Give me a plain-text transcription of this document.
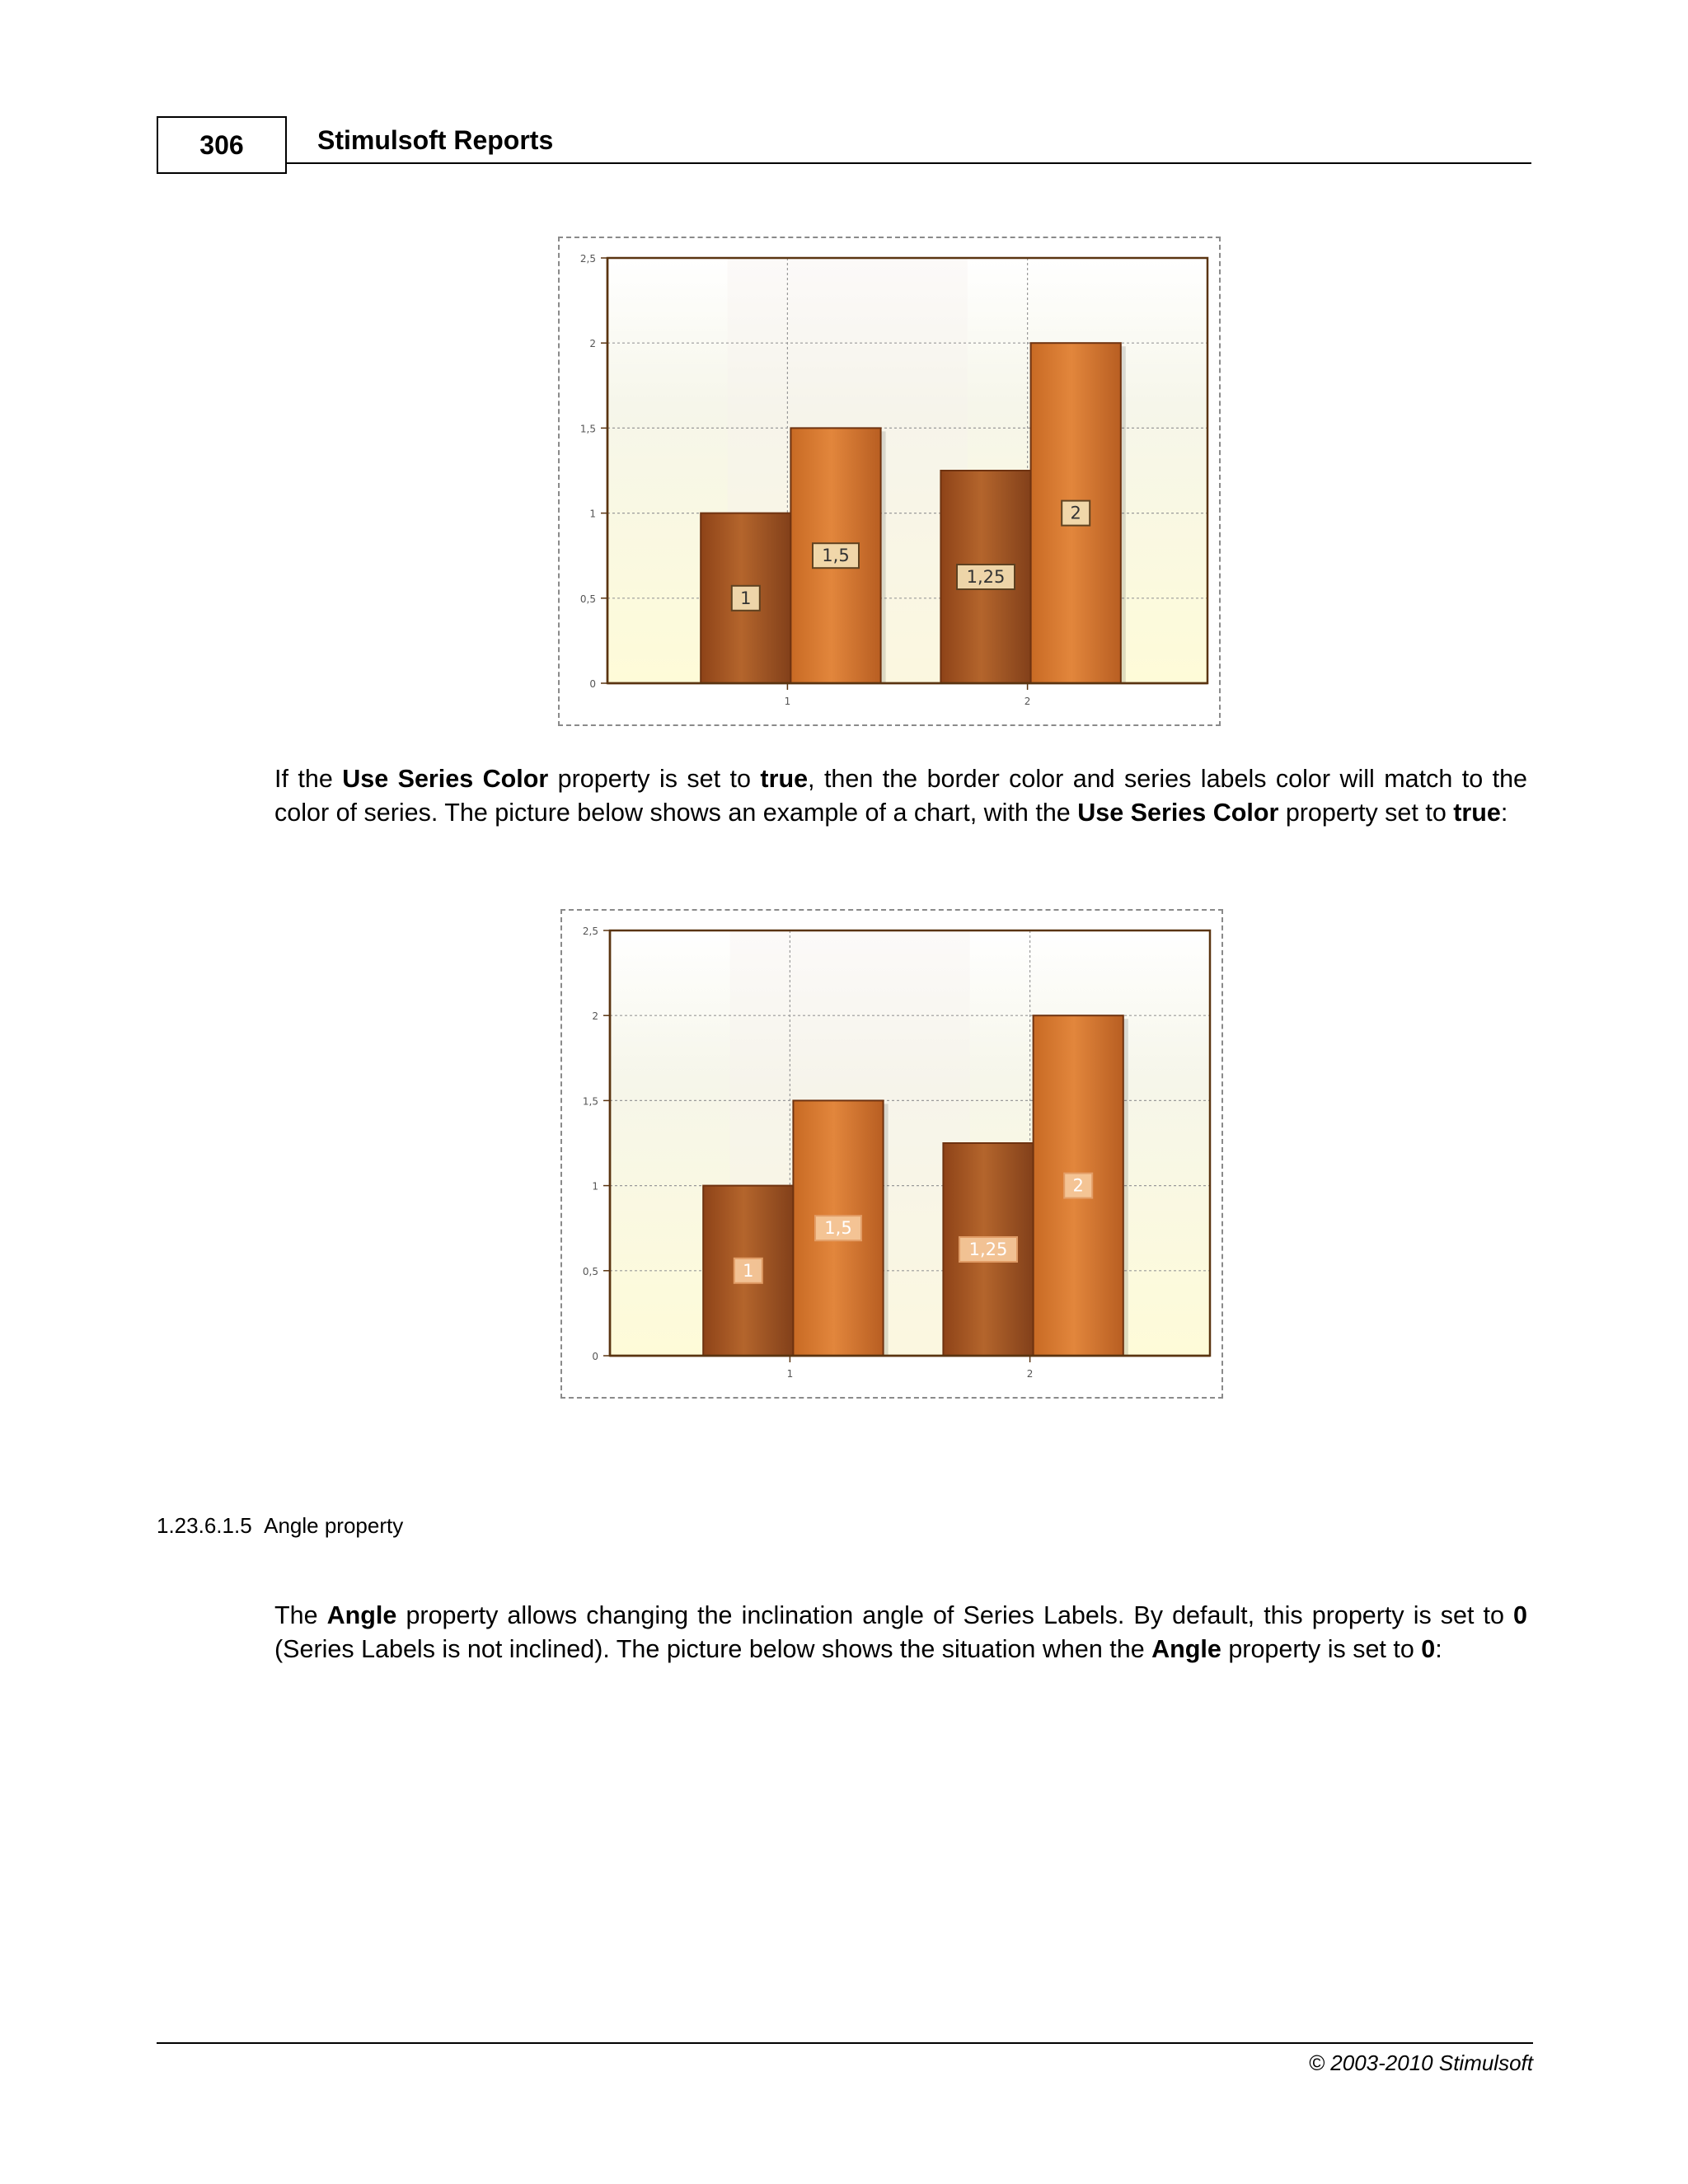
306	Stimulsoft Reports
1
1,5
1,25
2
0
0,5
1
1,5
2
2,5
1	2

If the Use Series Color property is set to true, then the border color and series labels color will match to the color of series. The picture below shows an example of a chart, with the Use Series Color property set to true:

1
1,5
1,25
2
0
0,5
1
1,5
2
2,5
1	2
1.23.6.1.5 Angle property

The Angle property allows changing the inclination angle of Series Labels. By default, this property is set to 0 (Series Labels is not inclined). The picture below shows the situation when the Angle property is set to 0:

© 2003-2010 Stimulsoft
